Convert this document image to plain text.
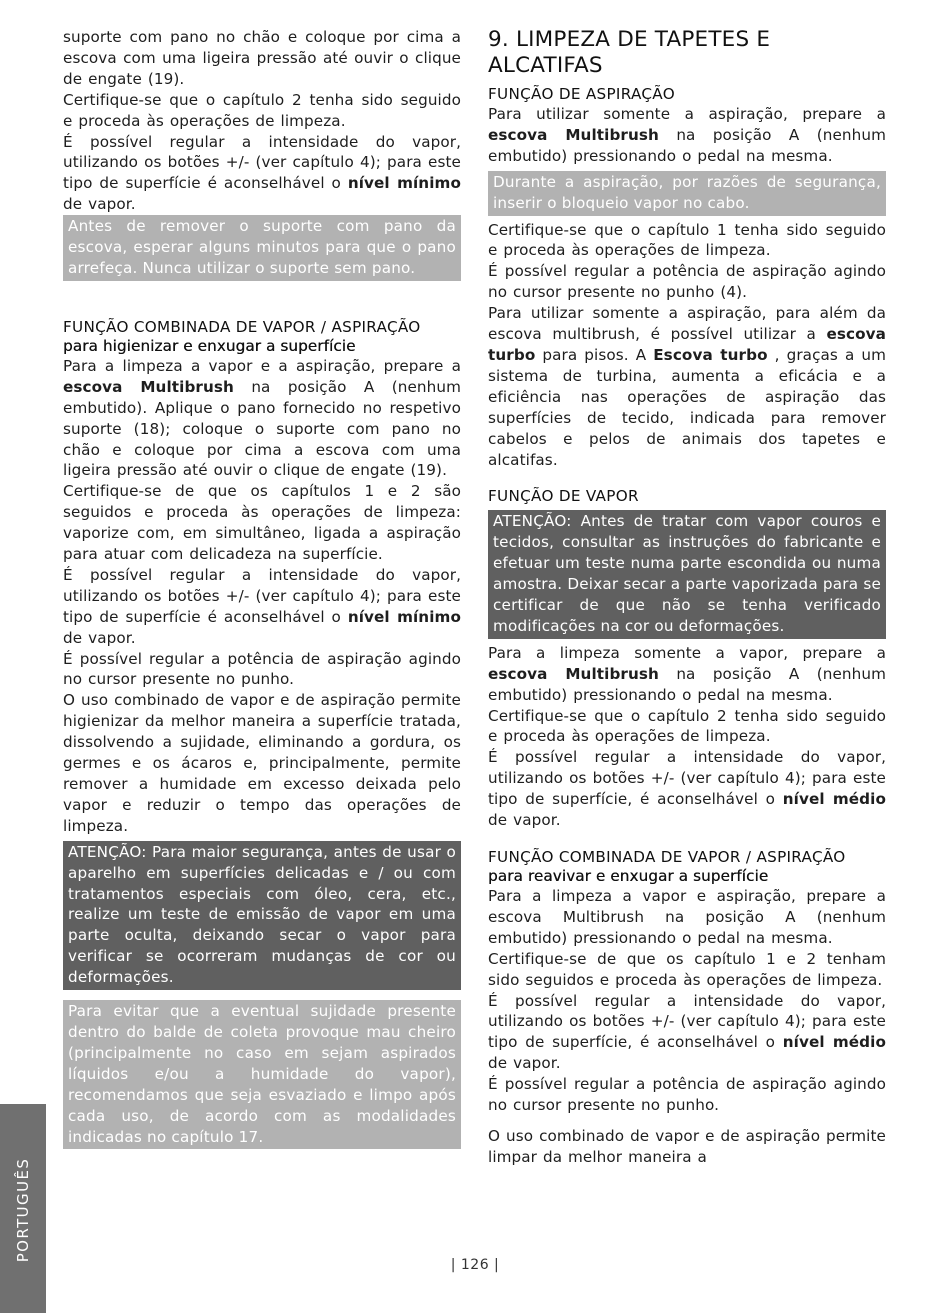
suporte com pano no chão e coloque por cima a escova com uma ligeira pressão até ouvir o clique de engate (19).

Certifique-se que o capítulo 2 tenha sido seguido e proceda às operações de limpeza.

É possível regular a intensidade do vapor, utilizando os botões +/- (ver capítulo 4); para este tipo de superfície é aconselhável o nível mínimo de vapor.

Antes de remover o suporte com pano da escova, esperar alguns minutos para que o pano arrefeça. Nunca utilizar o suporte sem pano.
FUNÇÃO COMBINADA DE VAPOR / ASPIRAÇÃO
para higienizar e enxugar a superfície

Para a limpeza a vapor e a aspiração, prepare a escova Multibrush na posição A (nenhum embutido). Aplique o pano fornecido no respetivo suporte (18); coloque o suporte com pano no chão e coloque por cima a escova com uma ligeira pressão até ouvir o clique de engate (19).

Certifique-se de que os capítulos 1 e 2 são seguidos e proceda às operações de limpeza: vaporize com, em simultâneo, ligada a aspiração para atuar com delicadeza na superfície.

É possível regular a intensidade do vapor, utilizando os botões +/- (ver capítulo 4); para este tipo de superfície é aconselhável o nível mínimo de vapor.

É possível regular a potência de aspiração agindo no cursor presente no punho.

O uso combinado de vapor e de aspiração permite higienizar da melhor maneira a superfície tratada, dissolvendo a sujidade, eliminando a gordura, os germes e os ácaros e, principalmente, permite remover a humidade em excesso deixada pelo vapor e reduzir o tempo das operações de limpeza.

ATENÇÃO: Para maior segurança, antes de usar o aparelho em superfícies delicadas e / ou com tratamentos especiais com óleo, cera, etc., realize um teste de emissão de vapor em uma parte oculta, deixando secar o vapor para verificar se ocorreram mudanças de cor ou deformações.
Para evitar que a eventual sujidade presente dentro do balde de coleta provoque mau cheiro (principalmente no caso em sejam aspirados líquidos e/ou a humidade do vapor), recomendamos que seja esvaziado e limpo após cada uso, de acordo com as modalidades indicadas no capítulo 17.
9. LIMPEZA DE TAPETES E ALCATIFAS
FUNÇÃO DE ASPIRAÇÃO

Para utilizar somente a aspiração, prepare a escova Multibrush na posição A (nenhum embutido) pressionando o pedal na mesma.

Durante a aspiração, por razões de segurança, inserir o bloqueio vapor no cabo.

Certifique-se que o capítulo 1 tenha sido seguido e proceda às operações de limpeza.

É possível regular a potência de aspiração agindo no cursor presente no punho (4).

Para utilizar somente a aspiração, para além da escova multibrush, é possível utilizar a escova turbo para pisos. A Escova turbo , graças a um sistema de turbina, aumenta a eficácia e a eficiência nas operações de aspiração das superfícies de tecido, indicada para remover cabelos e pelos de animais dos tapetes e alcatifas.

FUNÇÃO DE VAPOR
ATENÇÃO: Antes de tratar com vapor couros e tecidos, consultar as instruções do fabricante e efetuar um teste numa parte escondida ou numa amostra. Deixar secar a parte vaporizada para se certificar de que não se tenha verificado modificações na cor ou deformações.

Para a limpeza somente a vapor, prepare a escova Multibrush na posição A (nenhum embutido) pressionando o pedal na mesma.

Certifique-se que o capítulo 2 tenha sido seguido e proceda às operações de limpeza.

É possível regular a intensidade do vapor, utilizando os botões +/- (ver capítulo 4); para este tipo de superfície, é aconselhável o nível médio de vapor.

FUNÇÃO COMBINADA DE VAPOR / ASPIRAÇÃO
para reavivar e enxugar a superfície

Para a limpeza a vapor e aspiração, prepare a escova Multibrush na posição A (nenhum embutido) pressionando o pedal na mesma.

Certifique-se de que os capítulo 1 e 2 tenham sido seguidos e proceda às operações de limpeza.

É possível regular a intensidade do vapor, utilizando os botões +/- (ver capítulo 4); para este tipo de superfície, é aconselhável o nível médio de vapor.

É possível regular a potência de aspiração agindo no cursor presente no punho.

O uso combinado de vapor e de aspiração permite limpar da melhor maneira a

PORTUGUÊS
| 126 |
